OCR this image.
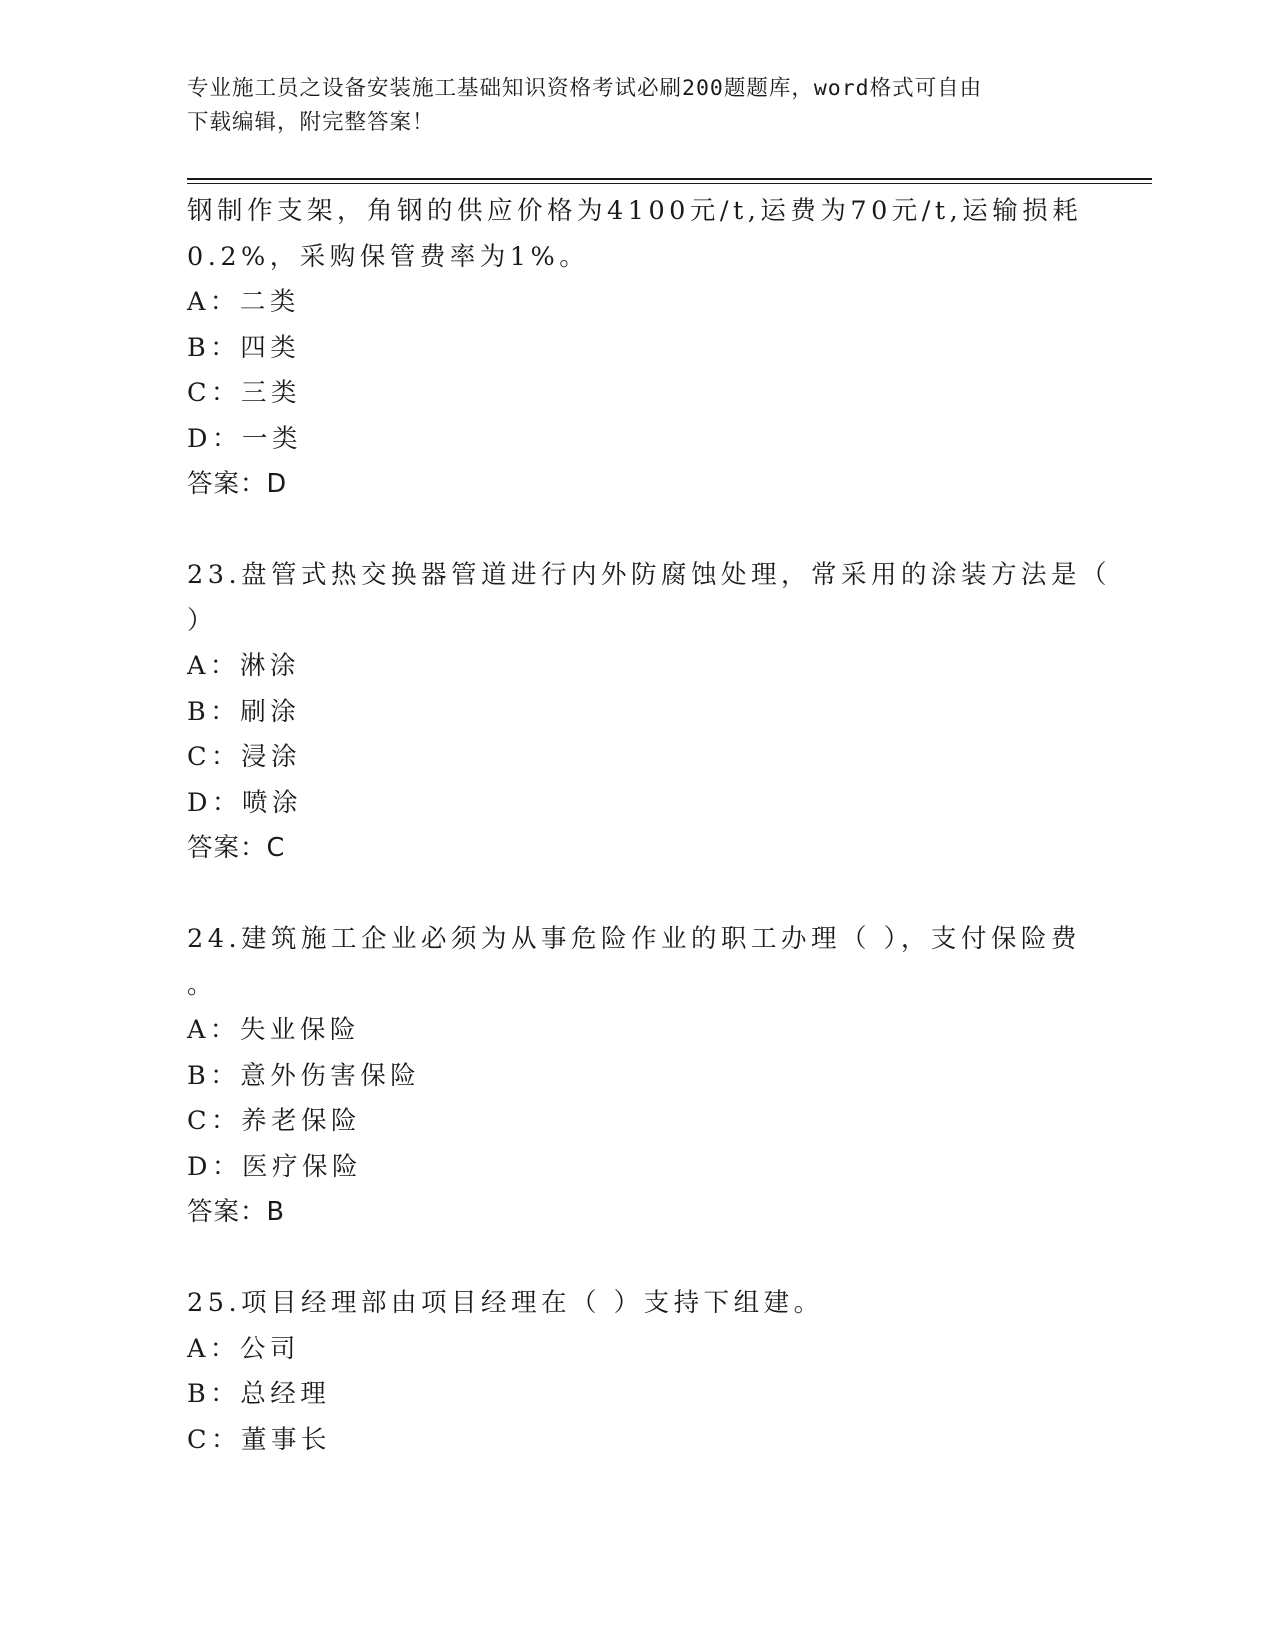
专业施工员之设备安装施工基础知识资格考试必刷200题题库，word格式可自由
下载编辑，附完整答案！
钢制作支架，角钢的供应价格为4100元/t,运费为70元/t,运输损耗
0.2%，采购保管费率为1%。
A：二类
B：四类
C：三类
D：一类
答案：D
23.盘管式热交换器管道进行内外防腐蚀处理，常采用的涂装方法是（
）
A：淋涂
B：刷涂
C：浸涂
D：喷涂
答案：C
24.建筑施工企业必须为从事危险作业的职工办理（ ），支付保险费
。
A：失业保险
B：意外伤害保险
C：养老保险
D：医疗保险
答案：B
25.项目经理部由项目经理在（ ）支持下组建。
A：公司
B：总经理
C：董事长
